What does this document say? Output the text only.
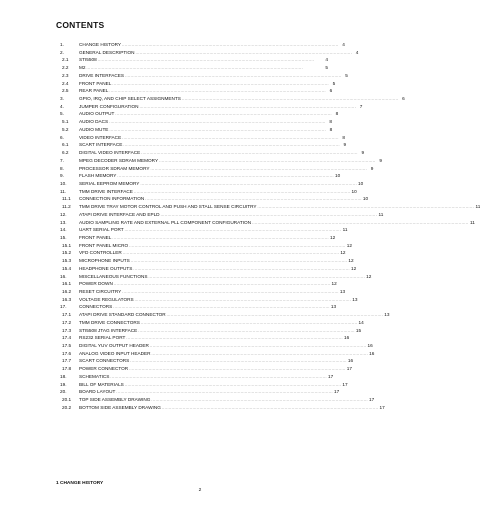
CONTENTS
1.	CHANGE HISTORY . . .	4
2.	GENERAL DESCRIPTION . . .	4
2.1	STI5508 . . .	4
2.2	M2 . . .	5
2.3	DRIVE INTERFACES . . .	5
2.4	FRONT PANEL . . .	5
2.5	REAR PANEL . . .	6
3.	GPIO, IRQ, AND CHIP SELECT ASSIGNMENTS . . .	6
4.	JUMPER CONFIGURATION . . .	7
5.	AUDIO OUTPUT . . .	8
5.1	AUDIO DACS . . .	8
5.2	AUDIO MUTE . . .	8
6.	VIDEO INTERFACE . . .	8
6.1	SCART INTERFACE . . .	9
6.2	DIGITAL VIDEO INTERFACE . . .	9
7.	MPEG DECODER SDRAM MEMORY . . .	9
8.	PROCESSOR SDRAM MEMORY . . .	9
9.	FLASH MEMORY . . .	10
10.	SERIAL EEPROM MEMORY . . .	10
11.	TMM DRIVE INTERFACE . . .	10
11.1	CONNECTION INFORMATION . . .	10
11.2	TMM DRIVE TRAY MOTOR CONTROL AND PUSH AND STALL SENSE CIRCUITRY . . .	11
12.	ATAPI DRIVE INTERFACE AND EPLD . . .	11
13.	AUDIO SAMPLING RATE AND EXTERNAL PLL COMPONENT CONFIGURATION . . .	11
14.	UART SERIAL PORT . . .	11
15.	FRONT PANEL . . .	12
15.1	FRONT PANEL MICRO . . .	12
15.2	VFD CONTROLLER . . .	12
15.3	MICROPHONE INPUTS . . .	12
15.4	HEADPHONE OUTPUTS . . .	12
16.	MISCELLANEOUS FUNCTIONS . . .	12
16.1	POWER DOWN . . .	12
16.2	RESET CIRCUITRY . . .	13
16.3	VOLTAGE REGULATORS . . .	13
17.	CONNECTORS . . .	13
17.1	ATAPI DRIVE STANDARD CONNECTOR . . .	13
17.2	TMM DRIVE CONNECTORS . . .	14
17.3	STI5508 JTAG INTERFACE . . .	15
17.4	RS232 SERIAL PORT . . .	16
17.5	DIGITAL YUV OUTPUT HEADER . . .	16
17.6	ANALOG VIDEO INPUT HEADER . . .	16
17.7	SCART CONNECTORS . . .	16
17.8	POWER CONNECTOR . . .	17
18.	SCHEMATICS . . .	17
19.	BILL OF MATERIALS . . .	17
20.	BOARD LAYOUT . . .	17
20.1	TOP SIDE ASSEMBLY DRAWING . . .	17
20.2	BOTTOM SIDE ASSEMBLY DRAWING . . .	17
1 CHANGE HISTORY
2
